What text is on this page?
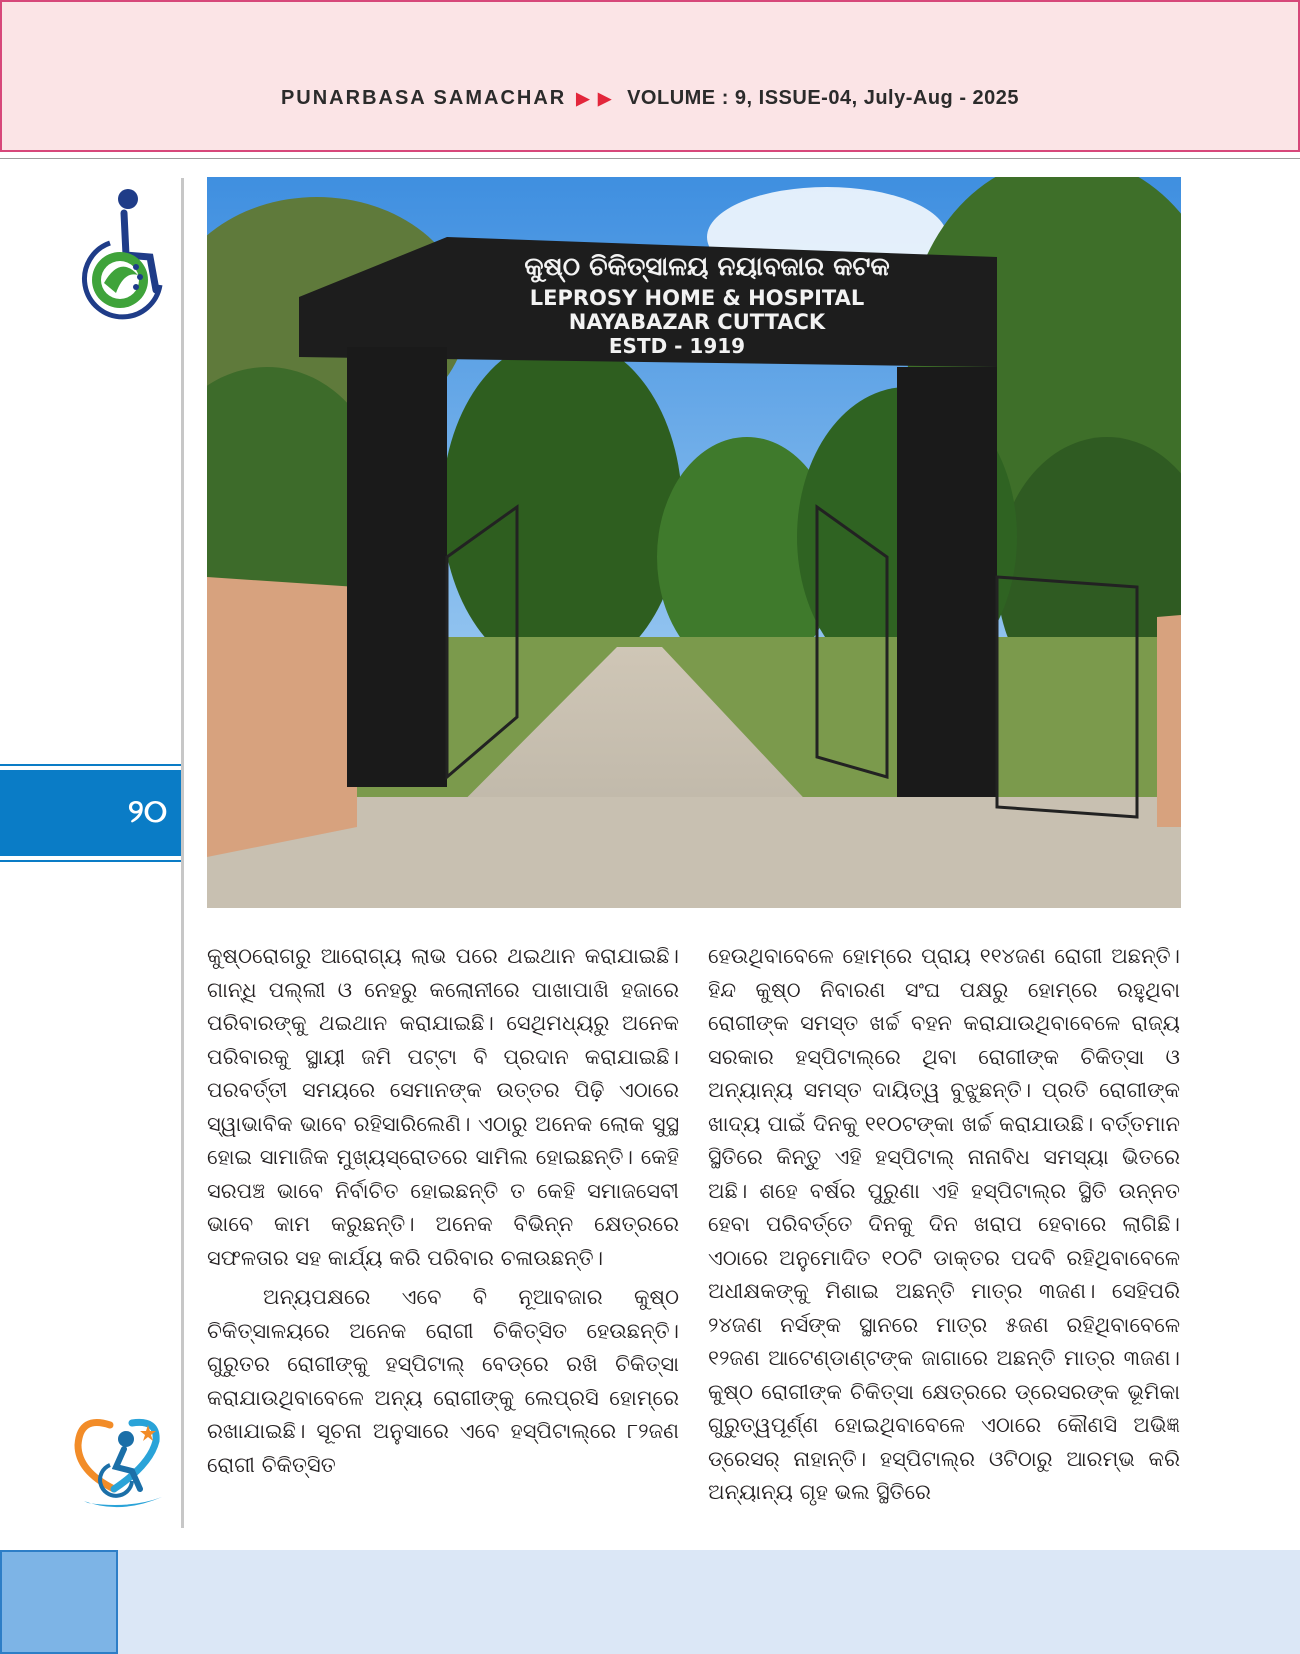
PUNARBASA SAMACHAR ▶ ▶ VOLUME : 9, ISSUE-04, July-Aug - 2025
୨୦
କୁଷ୍ଠ ଚିକିତ୍ସାଳୟ ନୟାବଜାର କଟକ
LEPROSY HOME & HOSPITAL
NAYABAZAR CUTTACK
ESTD - 1919

କୁଷ୍ଠରୋଗରୁ ଆରୋଗ୍ୟ ଲାଭ ପରେ ଥଇଥାନ କରାଯାଇଛି। ଗାନ୍ଧି ପଲ୍ଲୀ ଓ ନେହରୁ କଲୋନୀରେ ପାଖାପାଖି ହଜାରେ ପରିବାରଙ୍କୁ ଥଇଥାନ କରାଯାଇଛି। ସେଥିମଧ୍ୟରୁ ଅନେକ ପରିବାରକୁ ସ୍ଥାୟୀ ଜମି ପଟ୍ଟା ବି ପ୍ରଦାନ କରାଯାଇଛି। ପରବର୍ତ୍ତୀ ସମୟରେ ସେମାନଙ୍କ ଉତ୍ତର ପିଢ଼ି ଏଠାରେ ସ୍ୱାଭାବିକ ଭାବେ ରହିସାରିଲେଣି। ଏଠାରୁ ଅନେକ ଲୋକ ସୁସ୍ଥ ହୋଇ ସାମାଜିକ ମୁଖ୍ୟସ୍ରୋତରେ ସାମିଲ ହୋଇଛନ୍ତି। କେହି ସରପଞ୍ଚ ଭାବେ ନିର୍ବାଚିତ ହୋଇଛନ୍ତି ତ କେହି ସମାଜସେବୀ ଭାବେ କାମ କରୁଛନ୍ତି। ଅନେକ ବିଭିନ୍ନ କ୍ଷେତ୍ରରେ ସଫଳତାର ସହ କାର୍ଯ୍ୟ କରି ପରିବାର ଚଳାଉଛନ୍ତି।

ଅନ୍ୟପକ୍ଷରେ ଏବେ ବି ନୂଆବଜାର କୁଷ୍ଠ ଚିକିତ୍ସାଳୟରେ ଅନେକ ରୋଗୀ ଚିକିତ୍ସିତ ହେଉଛନ୍ତି। ଗୁରୁତର ରୋଗୀଙ୍କୁ ହସ୍‌ପିଟାଲ୍ ବେଡ୍‌ରେ ରଖି ଚିକିତ୍ସା କରାଯାଉଥିବାବେଳେ ଅନ୍ୟ ରୋଗୀଙ୍କୁ ଲେପ୍ରସି ହୋମ୍‌ରେ ରଖାଯାଇଛି। ସୂଚନା ଅନୁସାରେ ଏବେ ହସ୍‌ପିଟାଲ୍‌ରେ ୮୨ଜଣ ରୋଗୀ ଚିକିତ୍ସିତ

ହେଉଥିବାବେଳେ ହୋମ୍‌ରେ ପ୍ରାୟ ୧୧୪ଜଣ ରୋଗୀ ଅଛନ୍ତି। ହିନ୍ଦ କୁଷ୍ଠ ନିବାରଣ ସଂଘ ପକ୍ଷରୁ ହୋମ୍‌ରେ ରହୁଥିବା ରୋଗୀଙ୍କ ସମସ୍ତ ଖର୍ଚ୍ଚ ବହନ କରାଯାଉଥିବାବେଳେ ରାଜ୍ୟ ସରକାର ହସ୍‌ପିଟାଲ୍‌ରେ ଥିବା ରୋଗୀଙ୍କ ଚିକିତ୍ସା ଓ ଅନ୍ୟାନ୍ୟ ସମସ୍ତ ଦାୟିତ୍ୱ ବୁଝୁଛନ୍ତି। ପ୍ରତି ରୋଗୀଙ୍କ ଖାଦ୍ୟ ପାଇଁ ଦିନକୁ ୧୧୦ଟଙ୍କା ଖର୍ଚ୍ଚ କରାଯାଉଛି। ବର୍ତ୍ତମାନ ସ୍ଥିତିରେ କିନ୍ତୁ ଏହି ହସ୍‌ପିଟାଲ୍ ନାନାବିଧ ସମସ୍ୟା ଭିତରେ ଅଛି। ଶହେ ବର୍ଷର ପୁରୁଣା ଏହି ହସ୍‌ପିଟାଲ୍‌ର ସ୍ଥିତି ଉନ୍ନତ ହେବା ପରିବର୍ତ୍ତେ ଦିନକୁ ଦିନ ଖରାପ ହେବାରେ ଲାଗିଛି। ଏଠାରେ ଅନୁମୋଦିତ ୧୦ଟି ଡାକ୍ତର ପଦବି ରହିଥିବାବେଳେ ଅଧୀକ୍ଷକଙ୍କୁ ମିଶାଇ ଅଛନ୍ତି ମାତ୍ର ୩ଜଣ। ସେହିପରି ୨୪ଜଣ ନର୍ସଙ୍କ ସ୍ଥାନରେ ମାତ୍ର ୫ଜଣ ରହିଥିବାବେଳେ ୧୨ଜଣ ଆଟେଣ୍ଡାଣ୍ଟଙ୍କ ଜାଗାରେ ଅଛନ୍ତି ମାତ୍ର ୩ଜଣ। କୁଷ୍ଠ ରୋଗୀଙ୍କ ଚିକିତ୍ସା କ୍ଷେତ୍ରରେ ଡ୍ରେସରଙ୍କ ଭୂମିକା ଗୁରୁତ୍ୱପୂର୍ଣ୍ଣ ହୋଇଥିବାବେଳେ ଏଠାରେ କୌଣସି ଅଭିଜ୍ଞ ଡ୍ରେସର୍ ନାହାନ୍ତି। ହସ୍‌ପିଟାଲ୍‌ର ଓଟିଠାରୁ ଆରମ୍ଭ କରି ଅନ୍ୟାନ୍ୟ ଗୃହ ଭଲ ସ୍ଥିତିରେ
